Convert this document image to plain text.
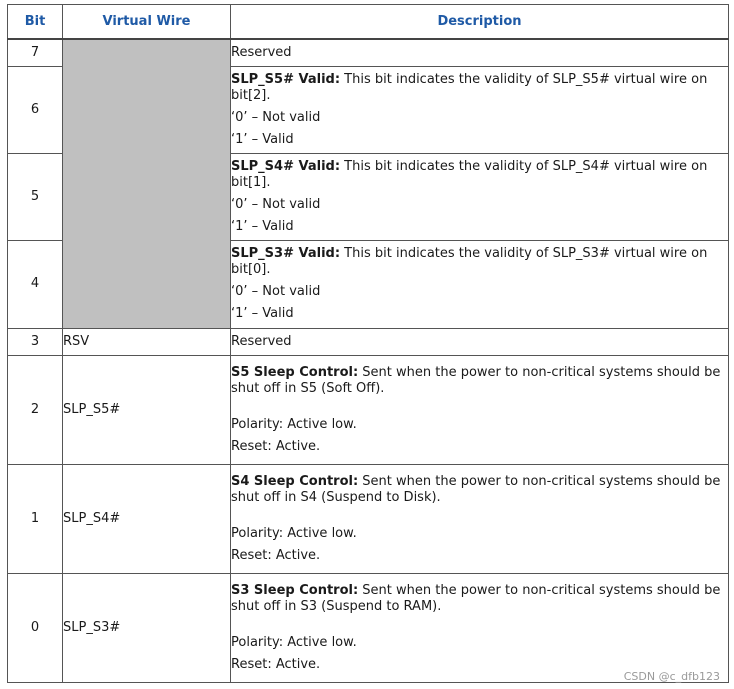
Bit	Virtual Wire	Description
7		Reserved
6		SLP_S5# Valid: This bit indicates the validity of SLP_S5# virtual wire on bit[2].
‘0’ – Not valid
‘1’ – Valid

5		SLP_S4# Valid: This bit indicates the validity of SLP_S4# virtual wire on bit[1].
‘0’ – Not valid
‘1’ – Valid

4		SLP_S3# Valid: This bit indicates the validity of SLP_S3# virtual wire on bit[0].
‘0’ – Not valid
‘1’ – Valid

3	RSV	Reserved
2	SLP_S5#	S5 Sleep Control: Sent when the power to non-critical systems should be shut off in S5 (Soft Off).
Polarity: Active low.
Reset: Active.

1	SLP_S4#	S4 Sleep Control: Sent when the power to non-critical systems should be shut off in S4 (Suspend to Disk).
Polarity: Active low.
Reset: Active.

0	SLP_S3#	S3 Sleep Control: Sent when the power to non-critical systems should be shut off in S3 (Suspend to RAM).
Polarity: Active low.
Reset: Active.
CSDN @c_dfb123
